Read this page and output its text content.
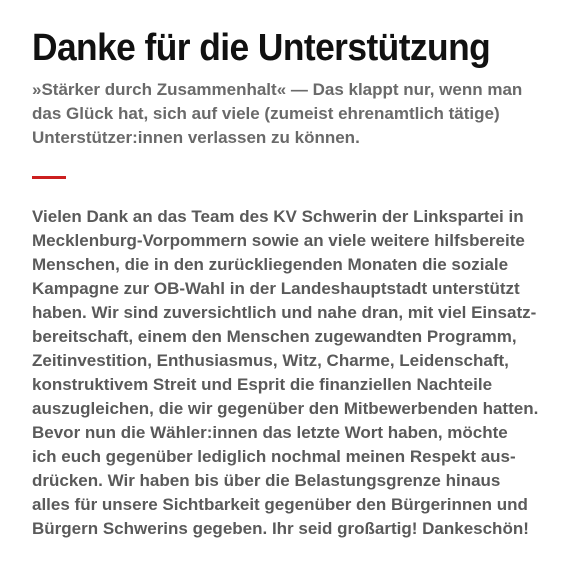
Danke für die Unterstützung
»Stärker durch Zusammenhalt« — Das klappt nur, wenn man
das Glück hat, sich auf viele (zumeist ehrenamtlich tätige)
Unterstützer:innen verlassen zu können.
Vielen Dank an das Team des KV Schwerin der Linkspartei in
Mecklenburg-Vorpommern sowie an viele weitere hilfsbereite
Menschen, die in den zurückliegenden Monaten die soziale
Kampagne zur OB-Wahl in der Landeshauptstadt unterstützt
haben. Wir sind zuversichtlich und nahe dran, mit viel Einsatz-
bereitschaft, einem den Menschen zugewandten Programm,
Zeitinvestition, Enthusiasmus, Witz, Charme, Leidenschaft,
konstruktivem Streit und Esprit die finanziellen Nachteile
auszugleichen, die wir gegenüber den Mitbewerbenden hatten.
Bevor nun die Wähler:innen das letzte Wort haben, möchte
ich euch gegenüber lediglich nochmal meinen Respekt aus-
drücken. Wir haben bis über die Belastungsgrenze hinaus
alles für unsere Sichtbarkeit gegenüber den Bürgerinnen und
Bürgern Schwerins gegeben. Ihr seid großartig! Dankeschön!
